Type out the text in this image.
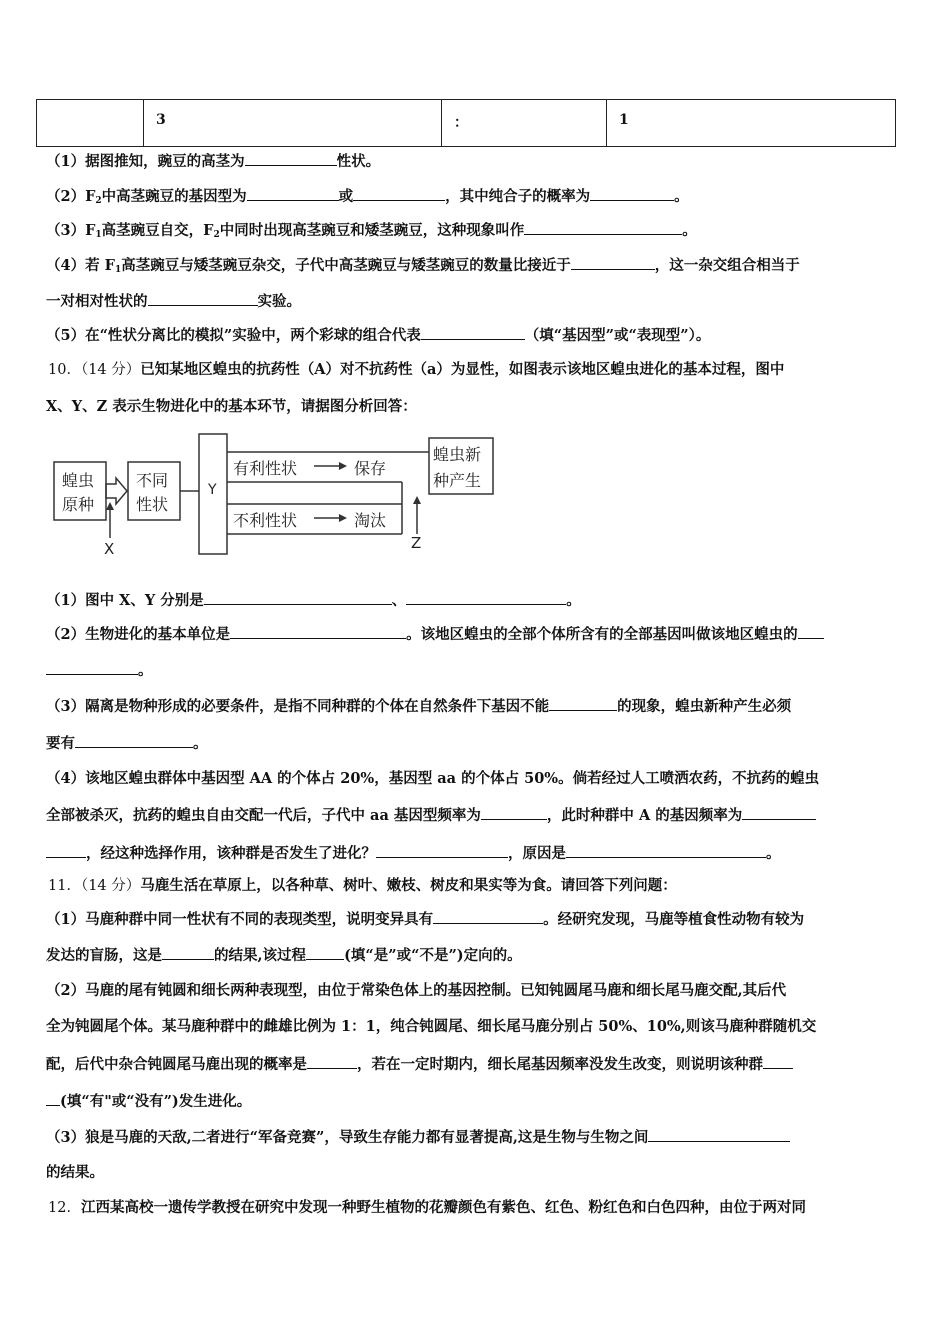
	3	：	1
（1）据图推知，豌豆的高茎为	性状。
$(2)F_2$中高茎豌豆的基因型为	或	，其中纯合子的概率为	。
$(3)F_1$高茎豌豆自交，$F_2$中同时出现高茎豌豆和矮茎豌豆，这种现象叫作	。
（4）若 $F_1$高茎豌豆与矮茎豌豆杂交，子代中高茎豌豆与矮茎豌豆的数量比接近于	，这一杂交组合相当于
一对相对性状的	实验。
（5）在“性状分离比的模拟”实验中，两个彩球的组合代表	（填“基因型”或“表现型”）。
10．（14 分）已知某地区蝗虫的抗药性（A）对不抗药性（a）为显性，如图表示该地区蝗虫进化的基本过程，图中
X、Y、Z 表示生物进化中的基本环节，请据图分析回答：
蝗虫
原种
不同
性状
Y
有利性状	保存
不利性状	淘汰
蝗虫新
种产生
X	Z
（1）图中 X、Y 分别是	、	。
（2）生物进化的基本单位是	。该地区蝗虫的全部个体所含有的全部基因叫做该地区蝗虫的
。
（3）隔离是物种形成的必要条件，是指不同种群的个体在自然条件下基因不能	的现象，蝗虫新种产生必须
要有	。
（4）该地区蝗虫群体中基因型 AA 的个体占 20%，基因型 aa 的个体占 50%。倘若经过人工喷洒农药，不抗药的蝗虫
全部被杀灭，抗药的蝗虫自由交配一代后，子代中 aa 基因型频率为	，此时种群中 A 的基因频率为
，经这种选择作用，该种群是否发生了进化？	，原因是	。
11．（14 分）马鹿生活在草原上，以各种草、树叶、嫩枝、树皮和果实等为食。请回答下列问题：
（1）马鹿种群中同一性状有不同的表现类型，说明变异具有	。经研究发现，马鹿等植食性动物有较为
发达的盲肠，这是	的结果,该过程	(填“是”或“不是”)定向的。
（2）马鹿的尾有钝圆和细长两种表现型，由位于常染色体上的基因控制。已知钝圆尾马鹿和细长尾马鹿交配,其后代
全为钝圆尾个体。某马鹿种群中的雌雄比例为 1：1，纯合钝圆尾、细长尾马鹿分别占 50%、10%,则该马鹿种群随机交
配，后代中杂合钝圆尾马鹿出现的概率是	，若在一定时期内，细长尾基因频率没发生改变，则说明该种群
(填“有"或“没有”)发生进化。
（3）狼是马鹿的天敌,二者进行“军备竞赛”，导致生存能力都有显著提高,这是生物与生物之间
的结果。
12．江西某高校一遗传学教授在研究中发现一种野生植物的花瓣颜色有紫色、红色、粉红色和白色四种，由位于两对同
